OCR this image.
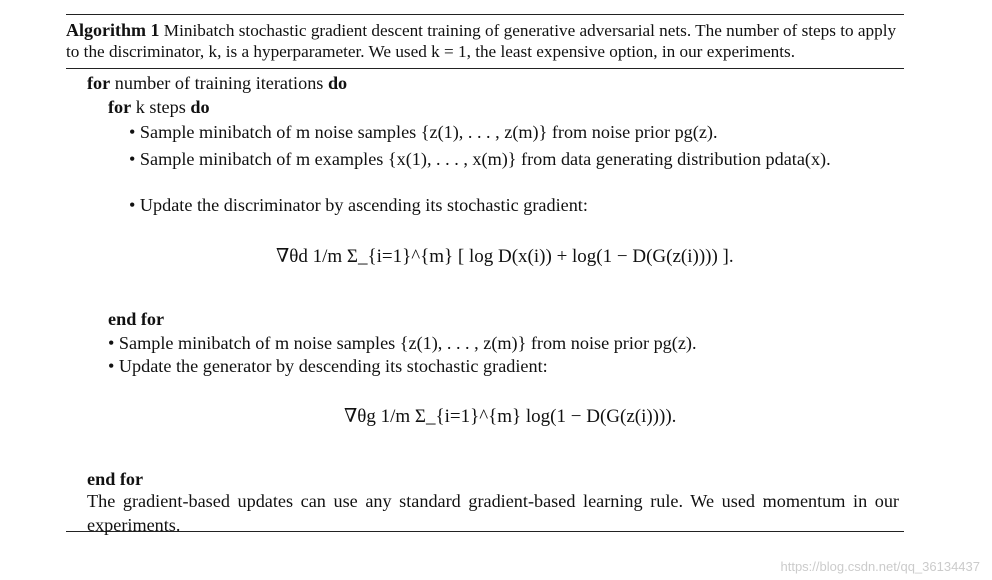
Algorithm 1 Minibatch stochastic gradient descent training of generative adversarial nets. The number of steps to apply to the discriminator, k, is a hyperparameter. We used k = 1, the least expensive option, in our experiments.
for number of training iterations do
for k steps do
• Sample minibatch of m noise samples {z(1), . . . , z(m)} from noise prior pg(z).
• Sample minibatch of m examples {x(1), . . . , x(m)} from data generating distribution pdata(x).
• Update the discriminator by ascending its stochastic gradient:
∇θd 1/m Σ_{i=1}^{m} [ log D(x(i)) + log(1 − D(G(z(i)))) ].
end for
• Sample minibatch of m noise samples {z(1), . . . , z(m)} from noise prior pg(z).
• Update the generator by descending its stochastic gradient:
∇θg 1/m Σ_{i=1}^{m} log(1 − D(G(z(i)))).
end for
The gradient-based updates can use any standard gradient-based learning rule. We used momentum in our experiments.
https://blog.csdn.net/qq_36134437
